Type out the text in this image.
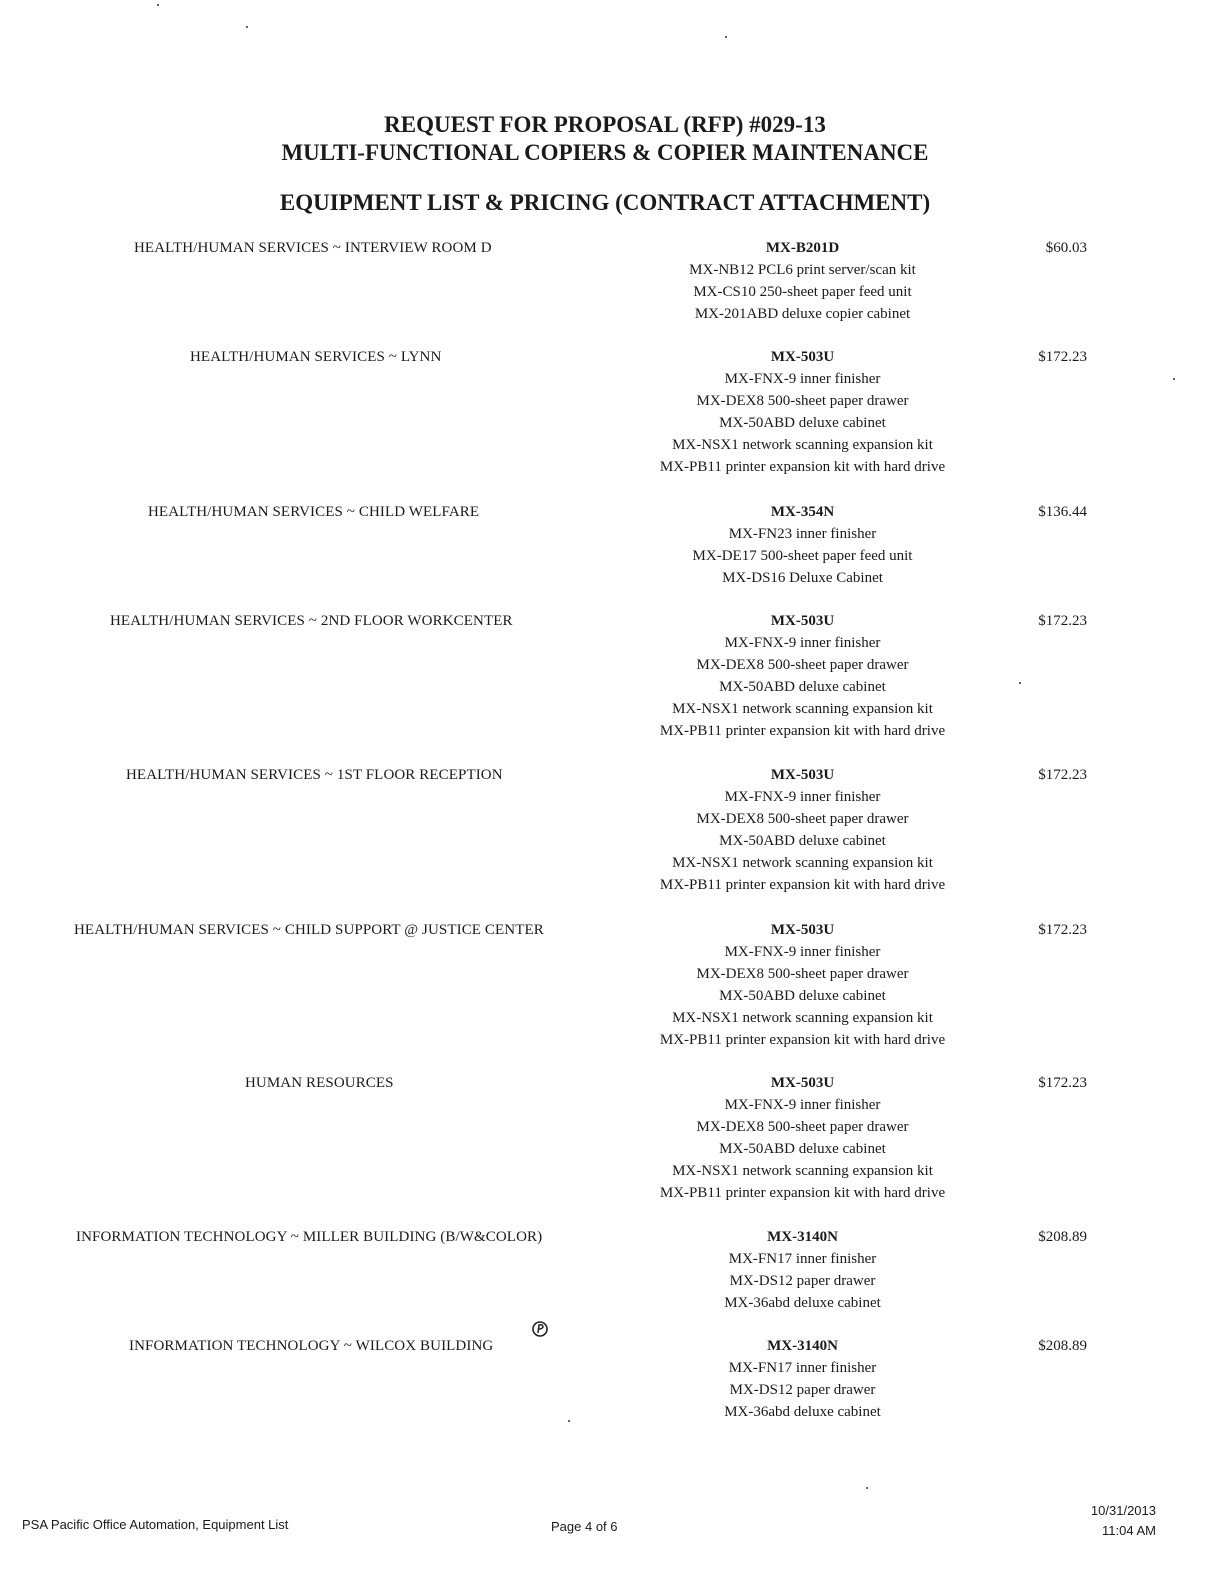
REQUEST FOR PROPOSAL (RFP) #029-13
MULTI-FUNCTIONAL COPIERS & COPIER MAINTENANCE
EQUIPMENT LIST & PRICING (CONTRACT ATTACHMENT)
HEALTH/HUMAN SERVICES ~ INTERVIEW ROOM D	MX-B201D
MX-NB12 PCL6 print server/scan kit
MX-CS10 250-sheet paper feed unit
MX-201ABD deluxe copier cabinet
$60.03
HEALTH/HUMAN SERVICES ~ LYNN	MX-503U
MX-FNX-9 inner finisher
MX-DEX8 500-sheet paper drawer
MX-50ABD deluxe cabinet
MX-NSX1 network scanning expansion kit
MX-PB11 printer expansion kit with hard drive
$172.23
HEALTH/HUMAN SERVICES ~ CHILD WELFARE	MX-354N
MX-FN23 inner finisher
MX-DE17 500-sheet paper feed unit
MX-DS16 Deluxe Cabinet
$136.44
HEALTH/HUMAN SERVICES ~ 2ND FLOOR WORKCENTER	MX-503U
MX-FNX-9 inner finisher
MX-DEX8 500-sheet paper drawer
MX-50ABD deluxe cabinet
MX-NSX1 network scanning expansion kit
MX-PB11 printer expansion kit with hard drive
$172.23
HEALTH/HUMAN SERVICES ~ 1ST FLOOR RECEPTION	MX-503U
MX-FNX-9 inner finisher
MX-DEX8 500-sheet paper drawer
MX-50ABD deluxe cabinet
MX-NSX1 network scanning expansion kit
MX-PB11 printer expansion kit with hard drive
$172.23
HEALTH/HUMAN SERVICES ~ CHILD SUPPORT @ JUSTICE CENTER	MX-503U
MX-FNX-9 inner finisher
MX-DEX8 500-sheet paper drawer
MX-50ABD deluxe cabinet
MX-NSX1 network scanning expansion kit
MX-PB11 printer expansion kit with hard drive
$172.23
HUMAN RESOURCES	MX-503U
MX-FNX-9 inner finisher
MX-DEX8 500-sheet paper drawer
MX-50ABD deluxe cabinet
MX-NSX1 network scanning expansion kit
MX-PB11 printer expansion kit with hard drive
$172.23
INFORMATION TECHNOLOGY ~ MILLER BUILDING (B/W&COLOR)	MX-3140N
MX-FN17 inner finisher
MX-DS12 paper drawer
MX-36abd deluxe cabinet
$208.89
INFORMATION TECHNOLOGY ~ WILCOX BUILDING	MX-3140N
MX-FN17 inner finisher
MX-DS12 paper drawer
MX-36abd deluxe cabinet
$208.89
PSA Pacific Office Automation, Equipment List	Page 4 of 6
10/31/2013
11:04 AM
